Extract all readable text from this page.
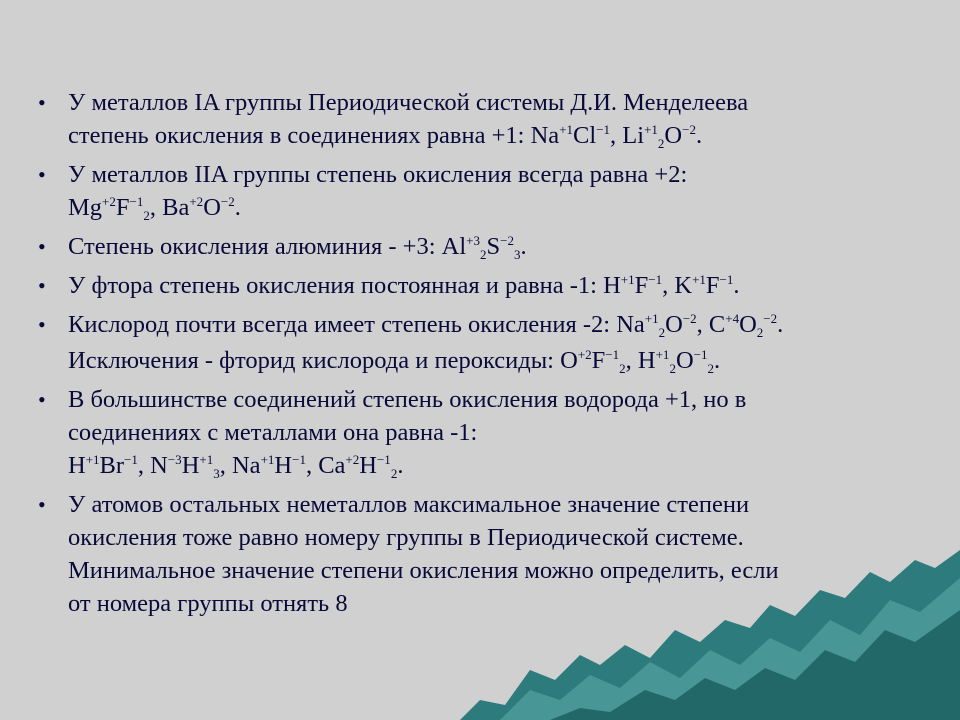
• У металлов IA группы Периодической системы Д.И. Менделеева
степень окисления в соединениях равна +1: $Na^{+1}Cl^{-1}$, $Li^{+1}_2O^{-2}$.
• У металлов IIA группы степень окисления всегда равна +2:
$Mg^{+2}F^{-1}_2$, $Ba^{+2}O^{-2}$.
• Степень окисления алюминия - +3: $Al^{+3}_2S^{-2}_3$.
• У фтора степень окисления постоянная и равна -1: $H^{+1}F^{-1}$, $K^{+1}F^{-1}$.
• Кислород почти всегда имеет степень окисления -2: $Na^{+1}_2O^{-2}$, $C^{+4}O_2^{-2}$.
Исключения - фторид кислорода и пероксиды: $O^{+2}F^{-1}_2$, $H^{+1}_2O^{-1}_2$.
• В большинстве соединений степень окисления водорода +1, но в
соединениях с металлами она равна -1:
$H^{+1}Br^{-1}$, $N^{-3}H^{+1}_3$, $Na^{+1}H^{-1}$, $Ca^{+2}H^{-1}_2$.
• У атомов остальных неметаллов максимальное значение степени
окисления тоже равно номеру группы в Периодической системе.
Минимальное значение степени окисления можно определить, если
от номера группы отнять 8
